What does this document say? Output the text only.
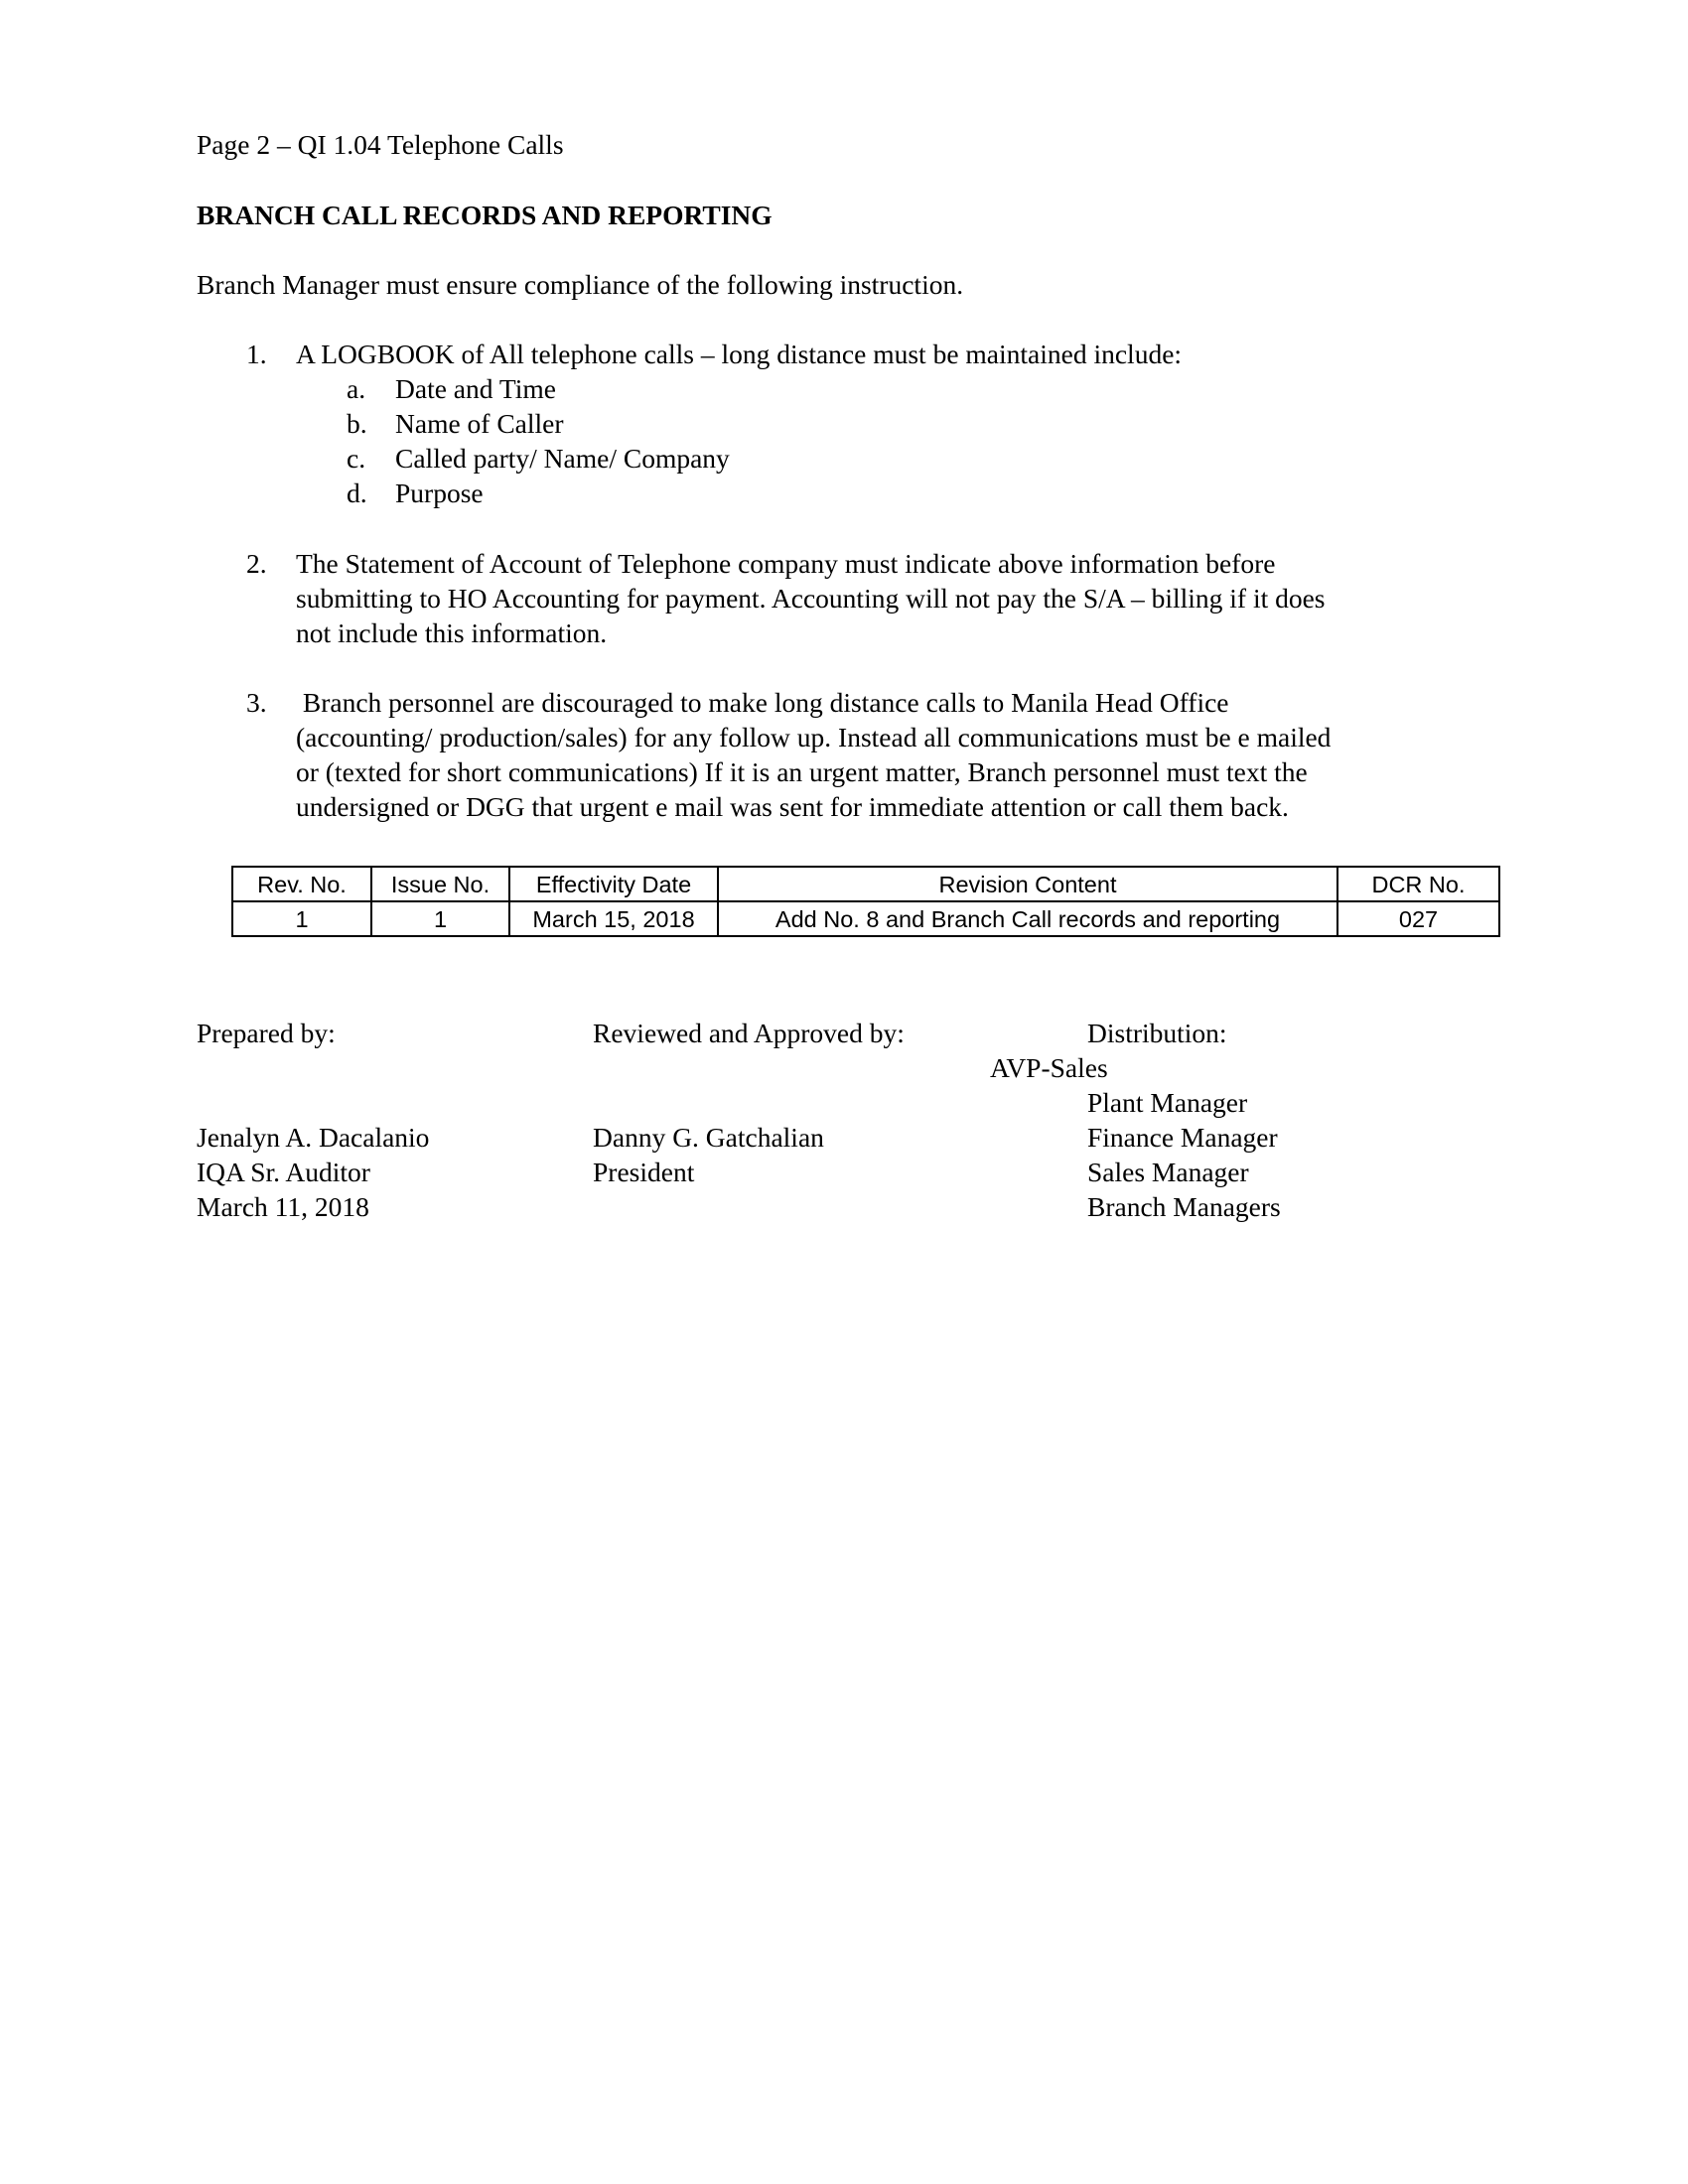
Page 2 – QI 1.04 Telephone Calls
BRANCH CALL RECORDS AND REPORTING
Branch Manager must ensure compliance of the following instruction.
1. A LOGBOOK of All telephone calls – long distance must be maintained include:
a. Date and Time
b. Name of Caller
c. Called party/ Name/ Company
d. Purpose
2. The Statement of Account of Telephone company must indicate above information before
submitting to HO Accounting for payment. Accounting will not pay the S/A – billing if it does
not include this information.
3. Branch personnel are discouraged to make long distance calls to Manila Head Office
(accounting/ production/sales) for any follow up. Instead all communications must be e mailed
or (texted for short communications) If it is an urgent matter, Branch personnel must text the
undersigned or DGG that urgent e mail was sent for immediate attention or call them back.
Rev. No.	Issue No.	Effectivity Date	Revision Content	DCR No.
1	1	March 15, 2018	Add No. 8 and Branch Call records and reporting	027
Prepared by:
Jenalyn A. Dacalanio
IQA Sr. Auditor
March 11, 2018
Reviewed and Approved by:
Danny G. Gatchalian
President
Distribution:
AVP-Sales
Plant Manager
Finance Manager
Sales Manager
Branch Managers
